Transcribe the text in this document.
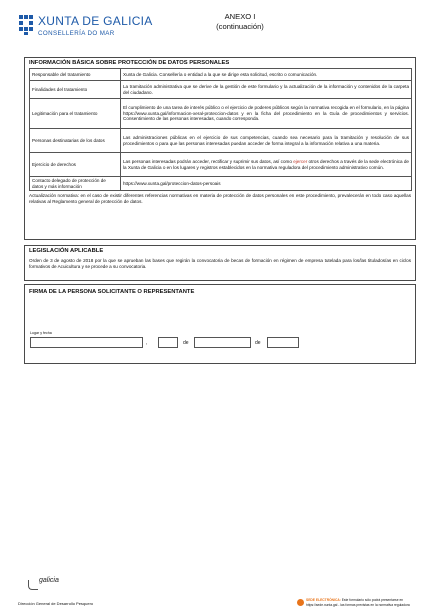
XUNTA DE GALICIA
CONSELLERÍA DO MAR
ANEXO I
(continuación)
INFORMACIÓN BÁSICA SOBRE PROTECCIÓN DE DATOS PERSONALES
Responsable del tratamiento	Xunta de Galicia. Consellería o entidad a la que se dirige esta solicitud, escrito o comunicación.
Finalidades del tratamiento	La tramitación administrativa que se derive de la gestión de este formulario y la actualización de la información y contenidos de la carpeta del ciudadano.
Legitimación para el tratamiento	El cumplimiento de una tarea de interés público o el ejercicio de poderes públicos según la normativa recogida en el formulario, en la página https://www.xunta.gal/informacion-xeral-proteccion-datos y en la ficha del procedimiento en la Guía de procedimientos y servicios. Consentimiento de las personas interesadas, cuando corresponda.
Personas destinatarias de los datos	Las administraciones públicas en el ejercicio de sus competencias, cuando sea necesario para la tramitación y resolución de sus procedimientos o para que las personas interesadas puedan acceder de forma integral a la información relativa a una materia.
Ejercicio de derechos	Las personas interesadas podrán acceder, rectificar y suprimir sus datos, así como ejercer otros derechos a través de la sede electrónica de la Xunta de Galicia o en los lugares y registros establecidos en la normativa reguladora del procedimiento administrativo común.
Contacto delegado de protección de datos y más información	https://www.xunta.gal/proteccion-datos-persoais
Actualización normativa: en el caso de existir diferentes referencias normativas en materia de protección de datos personales en este procedimiento, prevalecerán en todo caso aquellas relativas al Reglamento general de protección de datos.
LEGISLACIÓN APLICABLE
Orden de 3 de agosto de 2018 por la que se aprueban las bases que regirán la convocatoria de becas de formación en régimen de empresa tutelada para los/las titulados/as en ciclos formativos de Acuicultura y se procede a su convocatoria.
FIRMA DE LA PERSONA SOLICITANTE O REPRESENTANTE
Lugar y fecha
,	de	de
galicia
Dirección General de Desarrollo Pesquero
SEDE ELECTRÓNICA: Este formulario sólo podrá presentarse en
https://sede.xunta.gal - las formas previstas en la normativa reguladora
